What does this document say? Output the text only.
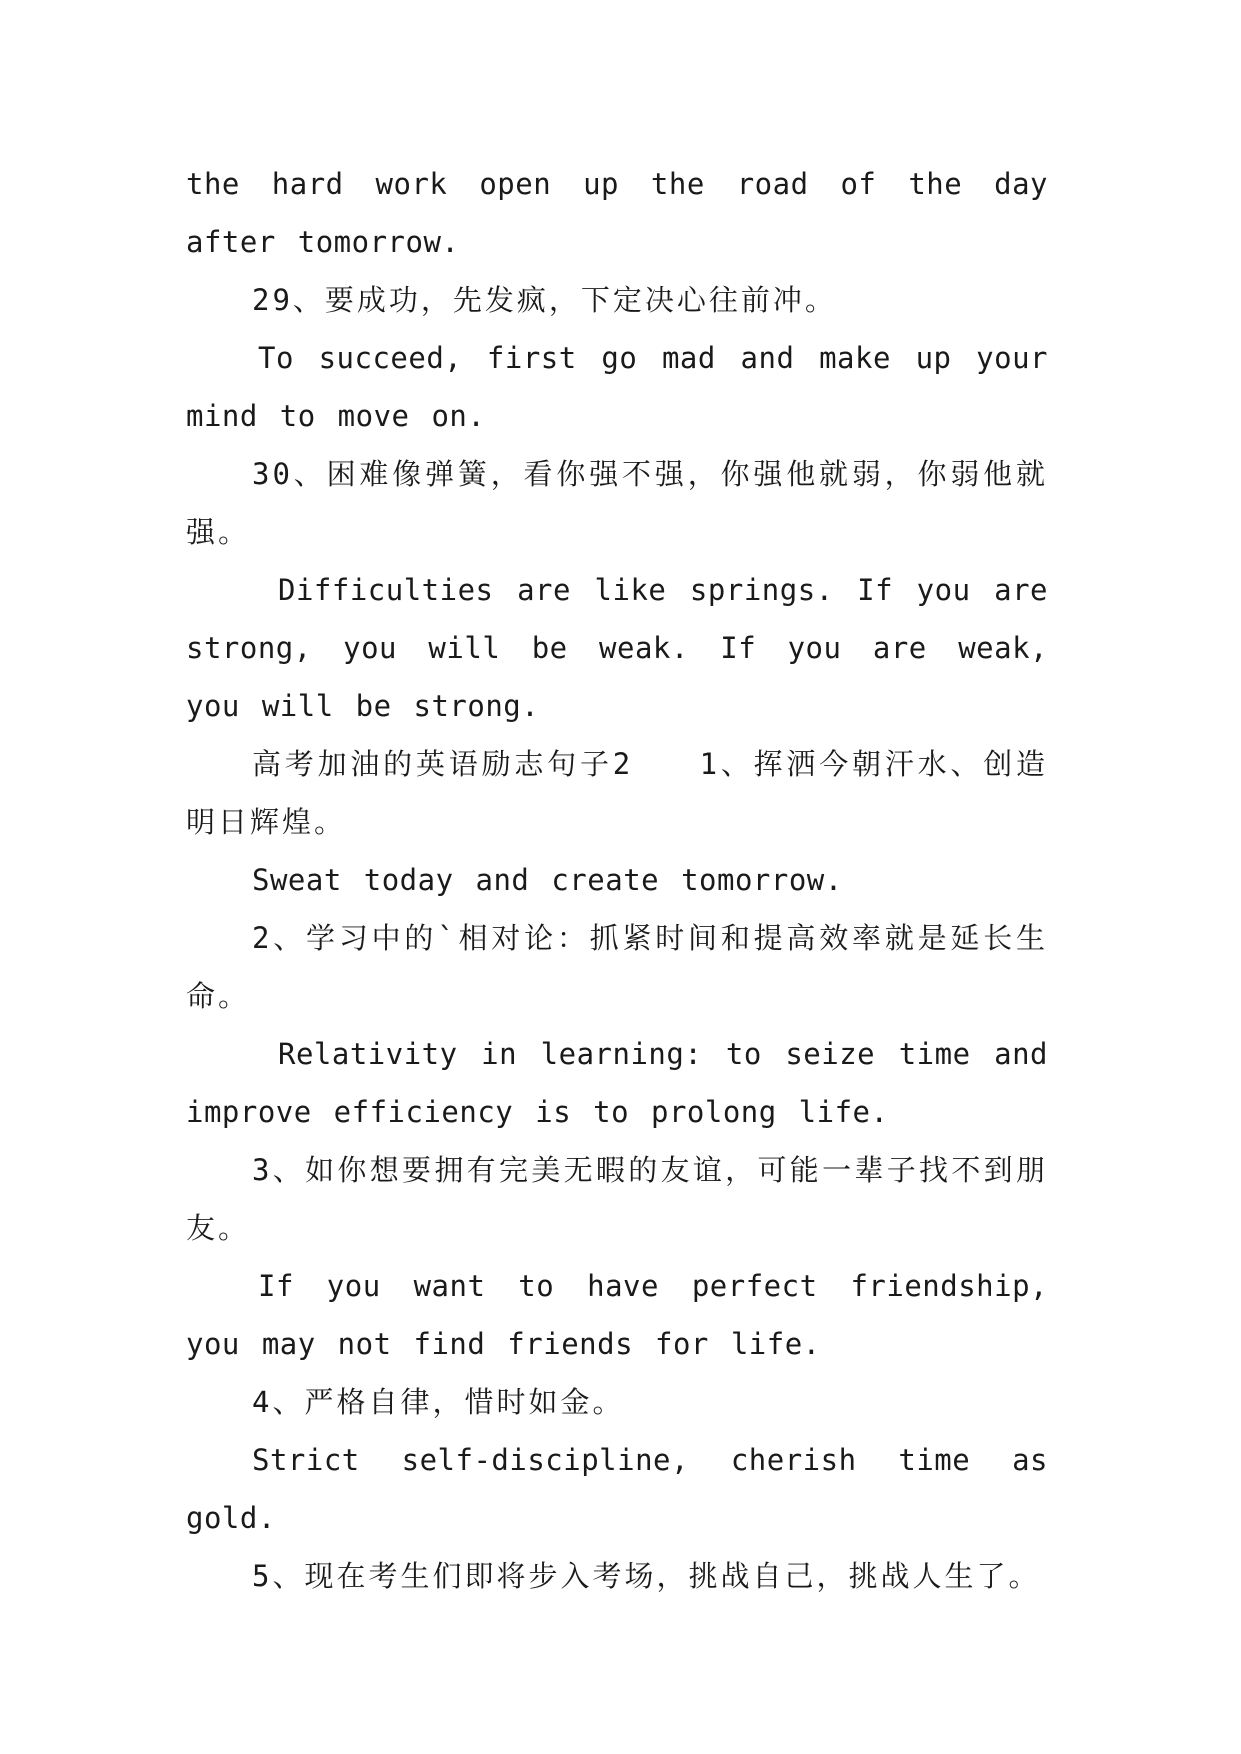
the hard work open up the road of the day after tomorrow.

29、要成功，先发疯，下定决心往前冲。

To succeed, first go mad and make up your mind to move on.

30、困难像弹簧，看你强不强，你强他就弱，你弱他就强。

Difficulties are like springs. If you are strong, you will be weak. If you are weak, you will be strong.

高考加油的英语励志句子2　　1、挥洒今朝汗水、创造明日辉煌。

Sweat today and create tomorrow.

2、学习中的`相对论：抓紧时间和提高效率就是延长生命。

Relativity in learning: to seize time and improve efficiency is to prolong life.

3、如你想要拥有完美无暇的友谊，可能一辈子找不到朋友。

If you want to have perfect friendship, you may not find friends for life.

4、严格自律，惜时如金。

Strict self-discipline, cherish time as gold.

5、现在考生们即将步入考场，挑战自己，挑战人生了。
